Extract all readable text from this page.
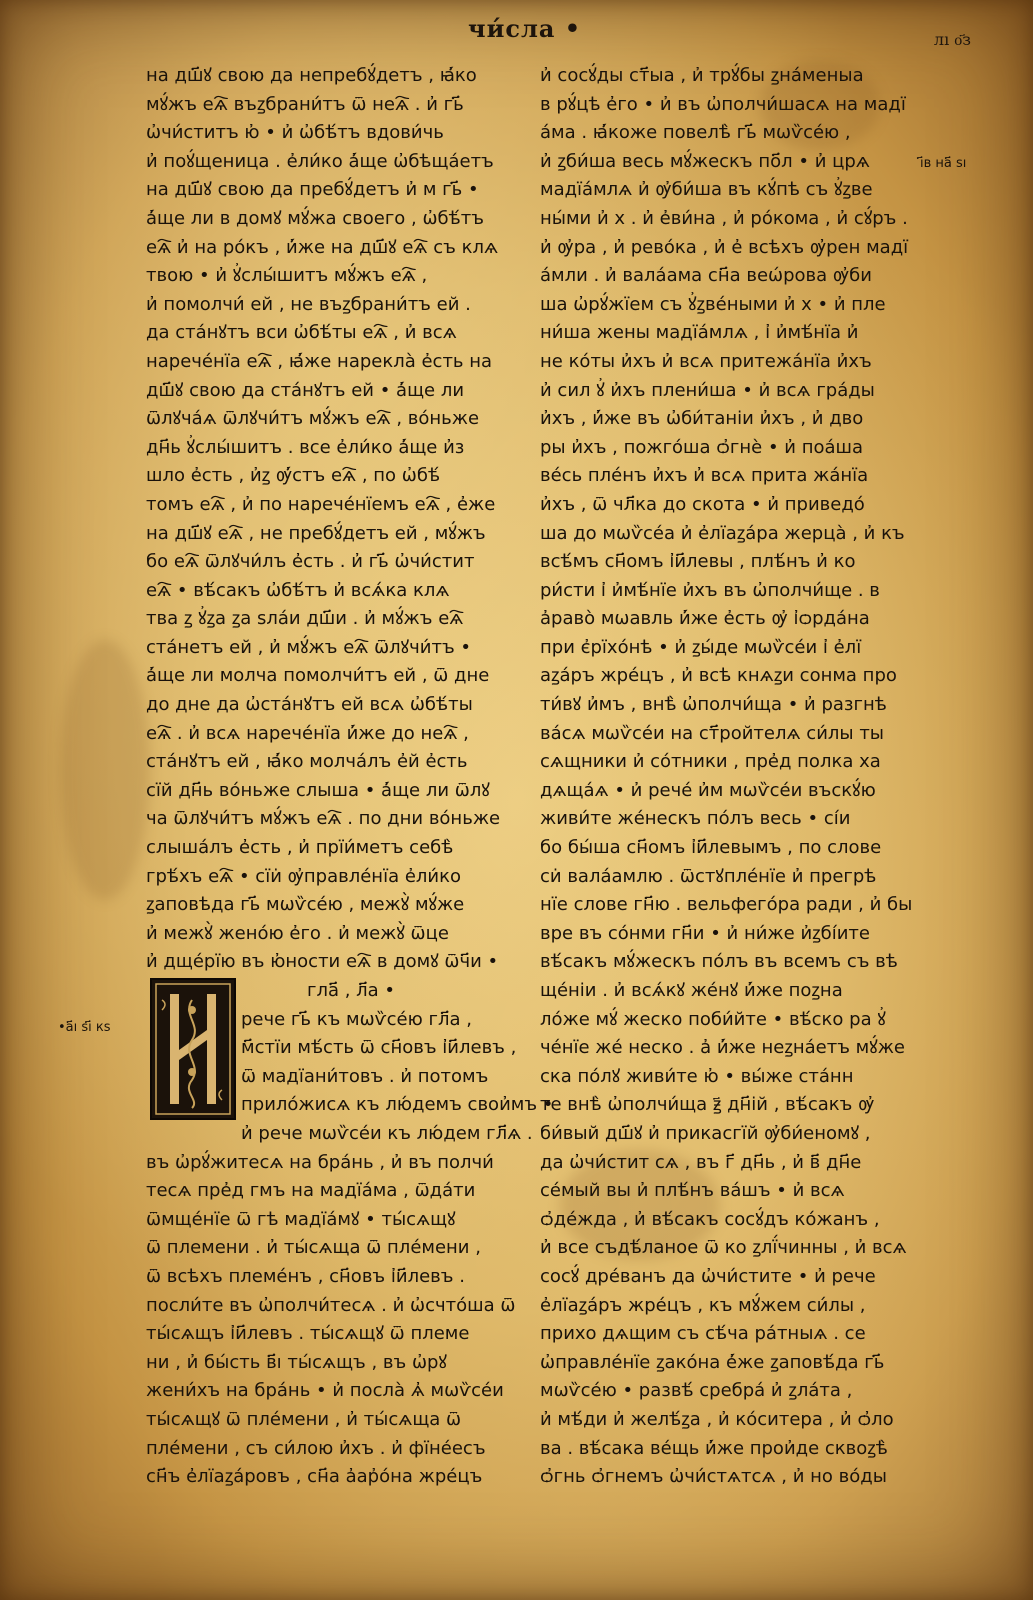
чи́сла •	лı о҃з
ı҃в на҃ ѕı
•а҃ı ѕı҃ кѕ
на дш҃ꙋ свою да непребꙋ́детъ , ꙗ҆́ко
мꙋ́жъ еѧ҇ въꙁбрани́тъ ѿ неѧ҇ . и҆ гь҃
ѡ҆чи́ститъ ю҆ • и҆ ѡ҆бѣ́тъ вдови́чь
и҆ поꙋ́щеница . е҆ли́ко а҆́ще ѡ҆бѣща́етъ
на дш҃ꙋ свою да пребꙋ́детъ и҆ м гь҃ •
а҆́ще ли в домꙋ мꙋ́жа своего , ѡ҆бѣ́тъ
еѧ҇ и҆ на ро́къ , и҆́же на дш҃ꙋ еѧ҇ съ клѧ
твою • и҆ ꙋ҆слы́шитъ мꙋ́жъ еѧ҇ ,
и҆ помолчи́ ей , не въꙁбрани́тъ ей .
да ста́нꙋтъ вси ѡ҆бѣ́ты еѧ҇ , и҆ всѧ
нарече́нїа еѧ҇ , ꙗ҆́же нарекла̀ е҆сть на
дш҃ꙋ свою да ста́нꙋтъ ей • а҆́ще ли
ѿлꙋча́ѧ ѿлꙋчи́тъ мꙋ́жъ еѧ҇ , во́ньже
дн҃ь ꙋ҆слы́шитъ . все е҆ли́ко а҆́ще и҆з
шло е҆сть , и҆ꙁ ѹ҆́стъ еѧ҇ , по ѡ҆бѣ́
томъ еѧ҇ , и҆ по нарече́нїемъ еѧ҇ , е҆же
на дш҃ꙋ еѧ҇ , не пребꙋ́детъ ей , мꙋ́жъ
бо еѧ҇ ѿлꙋчи́лъ е҆сть . и҆ гь҃ ѡ҆чи́стит
еѧ҇ • вѣ́сакъ ѡ҆бѣ́тъ и҆ всѧ́ка клѧ
тва ꙁ ꙋ҆ꙁа ꙁа ѕла́и дш҃и . и҆ мꙋ́жъ еѧ҇
ста́нетъ ей , и҆ мꙋ́жъ еѧ҇ ѿлꙋчи́тъ •
а҆́ще ли молча помолчи́тъ ей , ѿ дне
до дне да ѡ҆ста́нꙋтъ ей всѧ ѡ҆бѣ́ты
еѧ҇ . и҆ всѧ нарече́нїа и҆́же до неѧ҇ ,
ста́нꙋтъ ей , ꙗ҆́ко молча́лъ е҆й е҆сть
сїй дн҃ь во́ньже слыша • а҆́ще ли ѿлꙋ
ча ѿлꙋчи́тъ мꙋ́жъ еѧ҇ . по дни во́ньже
слыша́лъ е҆сть , и҆ прїи́метъ себѣ̀
грѣ́хъ еѧ҇ • сїи̇ ѹ҆правле́нїа е҆ли́ко
ꙁаповѣда гь҃ мѡѷсе́ю , межꙋ̀ мꙋ́же
и҆ межꙋ̀ жено́ю е҆го . и҆ межꙋ̀ ѿце
и҆ дще́рїю въ ю҆ности еѧ҇ в домꙋ ѿч҃и •
гла҃ , л҃а •
рече гь҃ къ мѡѷсе́ю гл҃а ,
м҃стїи мѣ́сть ѿ сн҃овъ і҆и҃левъ ,
ѿ мадїани́товъ . и҆ потомъ
прило́жисѧ къ лю́демъ свои҆мъ •
и҆ рече мѡѷсе́и къ лю́дем гл҃ѧ .
въ ѡ҆рꙋ́житесѧ на бра́нь , и҆ въ полчи́
тесѧ пре҆д гмъ на мадїа́ма , ѿда́ти
ѿмще́нїе ѿ гѣ мадїа́мꙋ • ты́сѧщꙋ
ѿ племени . и҆ ты́сѧща ѿ пле́мени ,
ѿ всѣхъ племе́нъ , сн҃овъ і҆и҃левъ .
посли́те въ ѡ҆полчи́тесѧ . и҆ ѡ҆счто́ша ѿ
ты́сѧщъ і҆и҃левъ . ты́сѧщꙋ ѿ племе
ни , и҆ бы́сть в҃ı ты́сѧщъ , въ ѡ҆рꙋ
жени́хъ на бра́нь • и҆ посла̀ ѧ҆ мѡѷсе́и
ты́сѧщꙋ ѿ пле́мени , и҆ ты́сѧща ѿ
пле́мени , съ си́лою и҆хъ . и҆ фїне́есъ
сн҃ъ е҆лїаꙁа́ровъ , сн҃а а҆ар҆о́на жре́цъ
и҆ сосꙋ́ды ст҃ыа , и҆ трꙋ́бы ꙁна́меныа
в рꙋ́цѣ е҆го • и҆ въ ѡ҆полчи́шасѧ на мадї
а́ма . ꙗ҆́коже повелѣ̀ гь҃ мѡѷсе́ю ,
и҆ ꙁби́ша весь мꙋ́жескъ по҃л • и҆ црѧ
мадїа́млѧ и҆ ѹ҆би́ша въ кꙋ́пѣ съ ꙋ҆ꙁве
ны́ми и҆ х . и҆ е҆ви́на , и҆ ро́кома , и҆ сꙋ́ръ .
и҆ ѹ҆ра , и҆ рево́ка , и҆ е҆ всѣхъ ѹ҆рен мадї
а́мли . и҆ вала́ама сн҃а веѡ́рова ѹ҆би
ша ѡ҆рꙋ́жїем съ ꙋ҆ꙁве́ными и҆ х • и҆ пле
ни́ша жены мадїа́млѧ , і҆ и҆мѣ́нїа и҆
не ко́ты и҆хъ и҆ всѧ притежа́нїа и҆хъ
и҆ сил ꙋ҆ и҆хъ плени́ша • и҆ всѧ гра́ды
и҆хъ , и҆́же въ ѡ҆би́таніи и҆хъ , и҆ дво
ры и҆хъ , пожго́ша ѻ҆гнѐ • и҆ поа́ша
ве́сь пле́нъ и҆хъ и҆ всѧ прита жа́нїа
и҆хъ , ѿ чл҃ка до скота • и҆ приведо́
ша до мѡѷсе́а и҆ е҆лїаꙁа́ра жерца̀ , и҆ къ
всѣ́мъ сн҃омъ і҆и҃левы , плѣ́нъ и҆ ко
ри́сти і҆ и҆мѣ́нїе и҆хъ въ ѡ҆полчи́ще . в
а҆раво̀ мѡавль и҆́же е҆сть ѹ҆ і҆ѻрда́на
при є҆рїхо́нѣ • и҆ ꙁы́де мѡѷсе́и і҆ е҆лї
аꙁа́ръ жре́цъ , и҆ всѣ кнѧꙁи сонма про
ти́вꙋ и҆мъ , внѣ̀ ѡ҆полчи́ща • и҆ разгнѣ
ва́сѧ мѡѷсе́и на ст҃ройтелѧ си́лы ты
сѧщники и҆ со́тники , пре҆д полка ха
дѧща́ѧ • и҆ рече́ и҆м мѡѷсе́и въскꙋ́ю
живи́те же́нескъ по́лъ весь • сі́и
бо бы́ша сн҃омъ і҆и҃левымъ , по слове
си̇ вала́амлю . ѿстꙋпле́нїе и҆ прегрѣ
нїе слове гн҃ю . вельфего́ра ради , и҆ бы
вре въ со́нми гн҃и • и҆ ни́же и҆ꙁбі́ите
вѣ́сакъ мꙋ́жескъ по́лъ въ всемъ съ вѣ
ще́ніи . и҆ всѧ́кꙋ же́нꙋ и҆́же поꙁна
ло́же мꙋ́ жеско поби́йте • вѣ́ско ра ꙋ҆
че́нїе же́ неско . а҆ и҆́же неꙁна́етъ мꙋ́же
ска по́лꙋ живи́те ю҆ • вы́же ста́нн
те внѣ̀ ѡ҆полчи́ща ꙃ҃ дн҃ій , вѣ́сакъ ѹ҆
би́вый дш҃ꙋ и҆ прикасгїй ѹ҆би́еномꙋ ,
да ѡ҆чи́стит сѧ , въ г҃ дн҃ь , и҆ в҃ дн҃е
се́мый вы и҆ плѣ́нъ ва́шъ • и҆ всѧ
ѻ҆де́жда , и҆ вѣ́сакъ сосꙋ́дъ ко́жанъ ,
и҆ все съдѣ́ланое ѿ ко ꙁлї́чинны , и҆ всѧ
сосꙋ́ дре́ванъ да ѡ҆чи́стите • и҆ рече
е҆лїаꙁа́ръ жре́цъ , къ мꙋ́жем си́лы ,
прихо дѧщим съ сѣ́ча ра́тныѧ . се
ѡ҆правле́нїе ꙁако́на е҆́же ꙁаповѣ́да гь҃
мѡѷсе́ю • развѣ́ сребра́ и҆ ꙁла́та ,
и҆ мѣ́ди и҆ желѣ́ꙁа , и҆ ко́ситера , и҆ ѻ҆ло
ва . вѣ́сака ве́щь и҆́же прои҆де сквоꙁѣ̀
ѻ҆гнь ѻ҆гнемъ ѡ҆чи́стѧтсѧ , и҆ но во́ды
